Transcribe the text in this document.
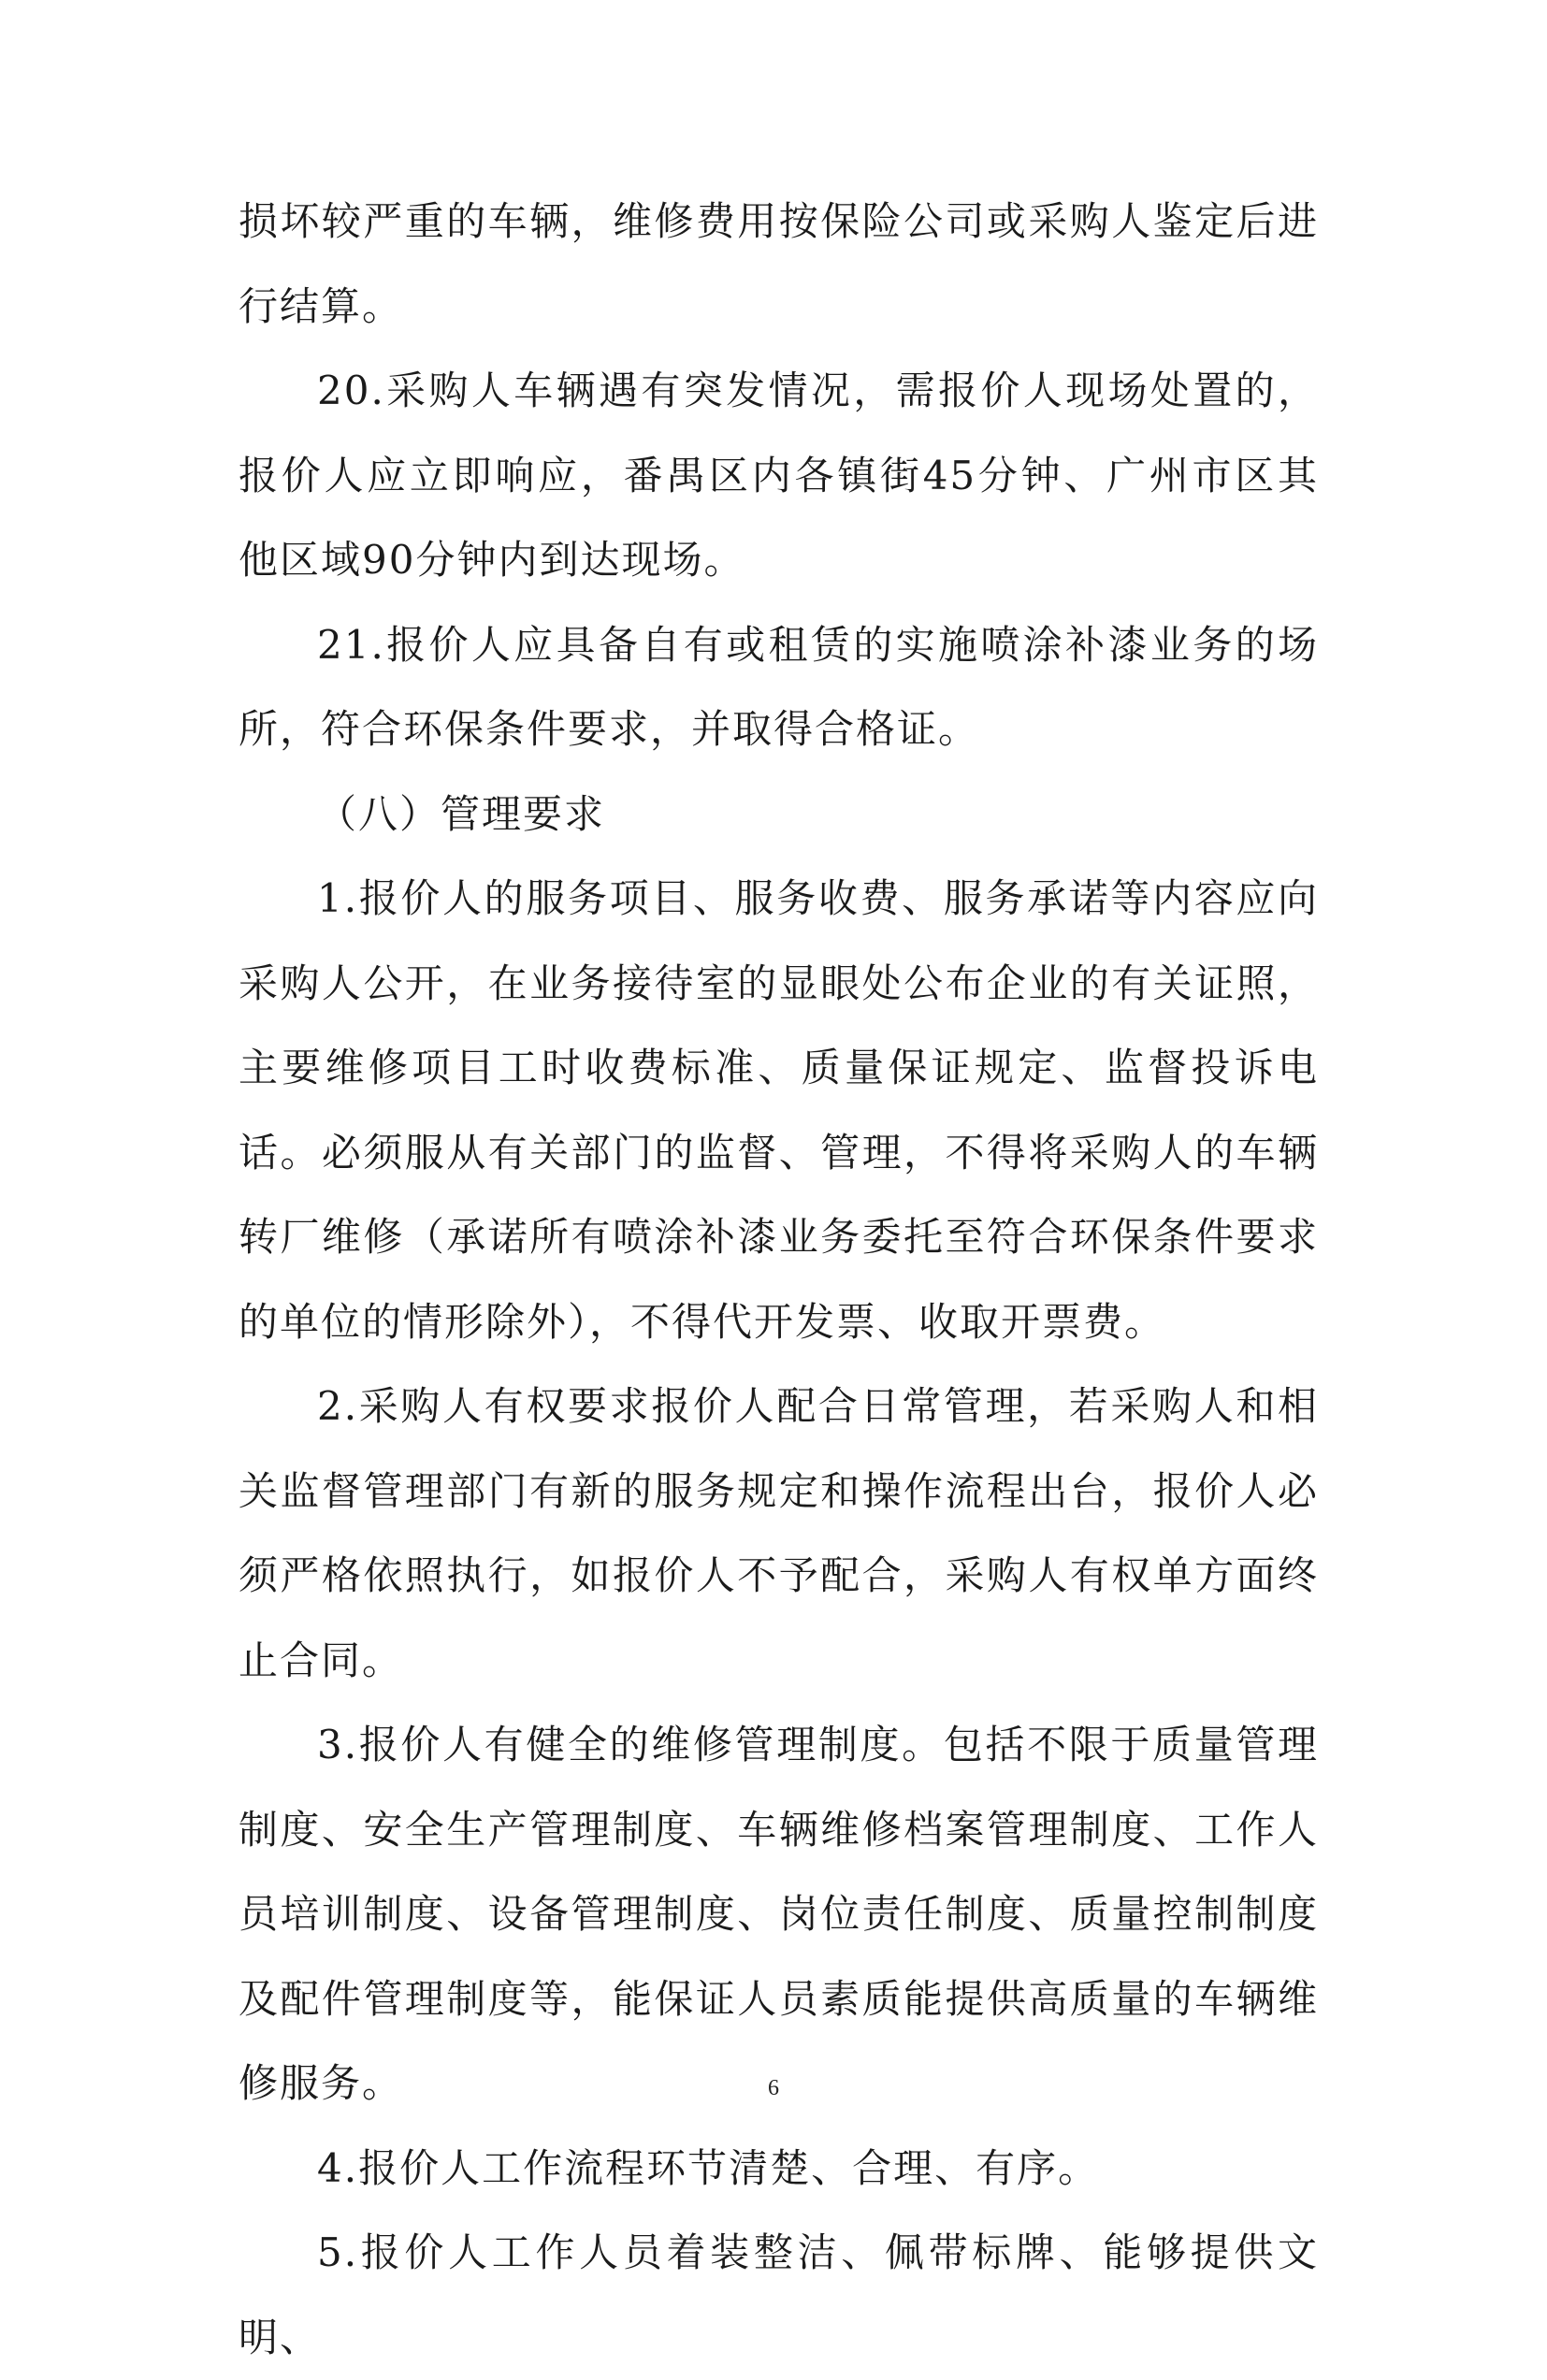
损坏较严重的车辆，维修费用按保险公司或采购人鉴定后进行结算。

20.采购人车辆遇有突发情况，需报价人现场处置的，报价人应立即响应，番禺区内各镇街45分钟、广州市区其他区域90分钟内到达现场。

21.报价人应具备自有或租赁的实施喷涂补漆业务的场所，符合环保条件要求，并取得合格证。

（八）管理要求

1.报价人的服务项目、服务收费、服务承诺等内容应向采购人公开，在业务接待室的显眼处公布企业的有关证照，主要维修项目工时收费标准、质量保证规定、监督投诉电话。必须服从有关部门的监督、管理，不得将采购人的车辆转厂维修（承诺所有喷涂补漆业务委托至符合环保条件要求的单位的情形除外），不得代开发票、收取开票费。

2.采购人有权要求报价人配合日常管理，若采购人和相关监督管理部门有新的服务规定和操作流程出台，报价人必须严格依照执行，如报价人不予配合，采购人有权单方面终止合同。

3.报价人有健全的维修管理制度。包括不限于质量管理制度、安全生产管理制度、车辆维修档案管理制度、工作人员培训制度、设备管理制度、岗位责任制度、质量控制制度及配件管理制度等，能保证人员素质能提供高质量的车辆维修服务。

4.报价人工作流程环节清楚、合理、有序。

5.报价人工作人员着装整洁、佩带标牌、能够提供文明、

6
